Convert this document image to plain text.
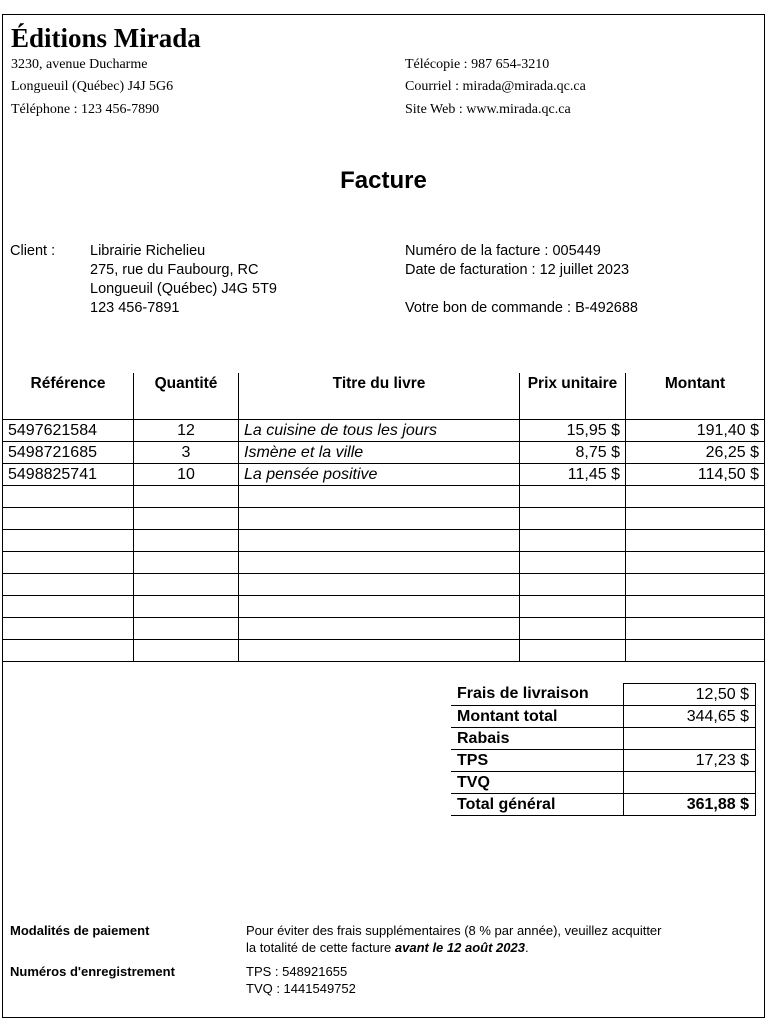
Éditions Mirada
3230, avenue Ducharme
Longueuil (Québec) J4J 5G6
Téléphone : 123 456-7890
Télécopie : 987 654-3210
Courriel : mirada@mirada.qc.ca
Site Web : www.mirada.qc.ca
Facture
Client : Librairie Richelieu
275, rue du Faubourg, RC
Longueuil (Québec) J4G 5T9
123 456-7891
Numéro de la facture : 005449
Date de facturation : 12 juillet 2023
Votre bon de commande : B-492688
Référence	Quantité	Titre du livre	Prix unitaire	Montant
5497621584	12	La cuisine de tous les jours	15,95 $	191,40 $
5498721685	3	Ismène et la ville	8,75 $	26,25 $
5498825741	10	La pensée positive	11,45 $	114,50 $

Frais de livraison	12,50 $
Montant total	344,65 $
Rabais	
TPS	17,23 $
TVQ	
Total général	361,88 $
Modalités de paiement	Pour éviter des frais supplémentaires (8 % par année), veuillez acquitter
la totalité de cette facture avant le 12 août 2023.
Numéros d'enregistrement	TPS : 548921655
TVQ : 1441549752
